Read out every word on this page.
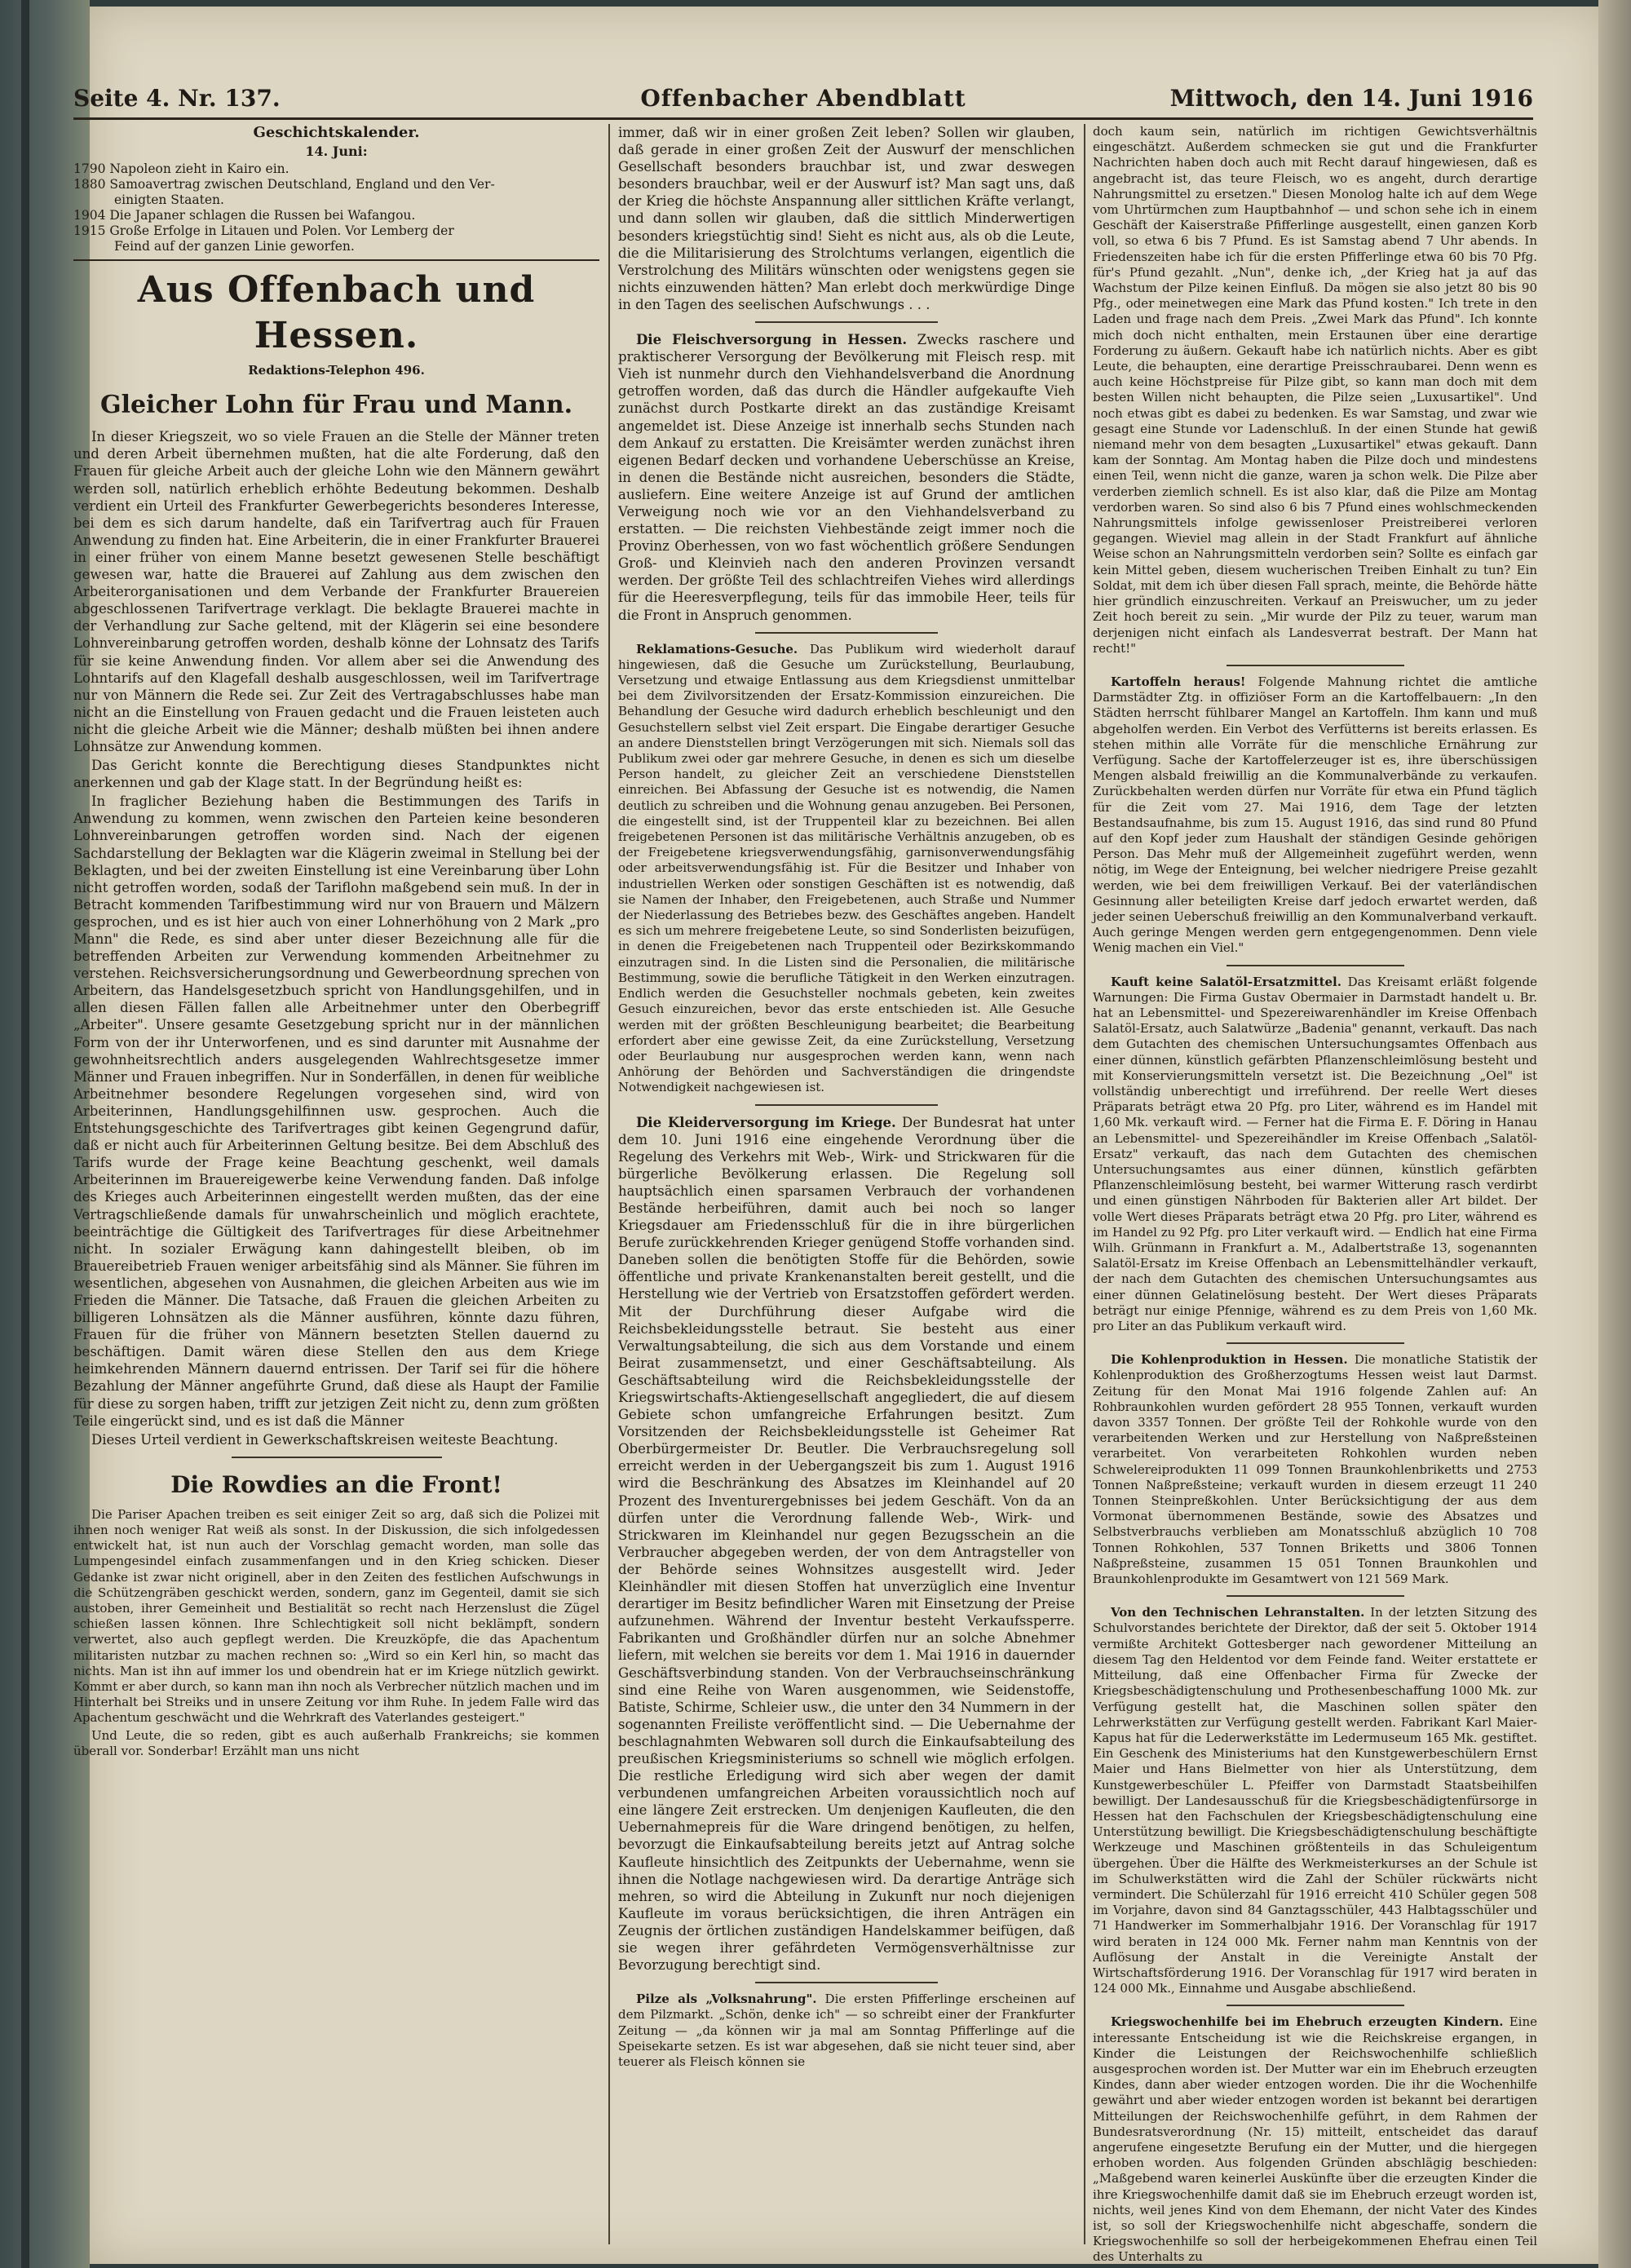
Seite 4. Nr. 137.	Offenbacher Abendblatt	Mittwoch, den 14. Juni 1916
Geschichtskalender.
14. Juni:

1790 Napoleon zieht in Kairo ein.

1880 Samoavertrag zwischen Deutschland, England und den Ver-

einigten Staaten.

1904 Die Japaner schlagen die Russen bei Wafangou.

1915 Große Erfolge in Litauen und Polen. Vor Lemberg der

Feind auf der ganzen Linie geworfen.

Aus Offenbach und Hessen.
Redaktions-Telephon 496.
Gleicher Lohn für Frau und Mann.

In dieser Kriegszeit, wo so viele Frauen an die Stelle der Männer treten und deren Arbeit übernehmen mußten, hat die alte Forderung, daß den Frauen für gleiche Arbeit auch der gleiche Lohn wie den Männern gewährt werden soll, natürlich erheblich erhöhte Bedeutung bekommen. Deshalb verdient ein Urteil des Frankfurter Gewerbegerichts besonderes Interesse, bei dem es sich darum handelte, daß ein Tarifvertrag auch für Frauen Anwendung zu finden hat. Eine Arbeiterin, die in einer Frankfurter Brauerei in einer früher von einem Manne besetzt gewesenen Stelle beschäftigt gewesen war, hatte die Brauerei auf Zahlung aus dem zwischen den Arbeiterorganisationen und dem Verbande der Frankfurter Brauereien abgeschlossenen Tarifvertrage verklagt. Die beklagte Brauerei machte in der Verhandlung zur Sache geltend, mit der Klägerin sei eine besondere Lohnvereinbarung getroffen worden, deshalb könne der Lohnsatz des Tarifs für sie keine Anwendung finden. Vor allem aber sei die Anwendung des Lohntarifs auf den Klagefall deshalb ausgeschlossen, weil im Tarifvertrage nur von Männern die Rede sei. Zur Zeit des Vertragabschlusses habe man nicht an die Einstellung von Frauen gedacht und die Frauen leisteten auch nicht die gleiche Arbeit wie die Männer; deshalb müßten bei ihnen andere Lohnsätze zur Anwendung kommen.

Das Gericht konnte die Berechtigung dieses Standpunktes nicht anerkennen und gab der Klage statt. In der Begründung heißt es:

In fraglicher Beziehung haben die Bestimmungen des Tarifs in Anwendung zu kommen, wenn zwischen den Parteien keine besonderen Lohnvereinbarungen getroffen worden sind. Nach der eigenen Sachdarstellung der Beklagten war die Klägerin zweimal in Stellung bei der Beklagten, und bei der zweiten Einstellung ist eine Vereinbarung über Lohn nicht getroffen worden, sodaß der Tariflohn maßgebend sein muß. In der in Betracht kommenden Tarifbestimmung wird nur von Brauern und Mälzern gesprochen, und es ist hier auch von einer Lohnerhöhung von 2 Mark „pro Mann" die Rede, es sind aber unter dieser Bezeichnung alle für die betreffenden Arbeiten zur Verwendung kommenden Arbeitnehmer zu verstehen. Reichsversicherungsordnung und Gewerbeordnung sprechen von Arbeitern, das Handelsgesetzbuch spricht von Handlungsgehilfen, und in allen diesen Fällen fallen alle Arbeitnehmer unter den Oberbegriff „Arbeiter". Unsere gesamte Gesetzgebung spricht nur in der männlichen Form von der ihr Unterworfenen, und es sind darunter mit Ausnahme der gewohnheitsrechtlich anders ausgelegenden Wahlrechtsgesetze immer Männer und Frauen inbegriffen. Nur in Sonderfällen, in denen für weibliche Arbeitnehmer besondere Regelungen vorgesehen sind, wird von Arbeiterinnen, Handlungsgehilfinnen usw. gesprochen. Auch die Entstehungsgeschichte des Tarifvertrages gibt keinen Gegengrund dafür, daß er nicht auch für Arbeiterinnen Geltung besitze. Bei dem Abschluß des Tarifs wurde der Frage keine Beachtung geschenkt, weil damals Arbeiterinnen im Brauereigewerbe keine Verwendung fanden. Daß infolge des Krieges auch Arbeiterinnen eingestellt werden mußten, das der eine Vertragschließende damals für unwahrscheinlich und möglich erachtete, beeinträchtige die Gültigkeit des Tarifvertrages für diese Arbeitnehmer nicht. In sozialer Erwägung kann dahingestellt bleiben, ob im Brauereibetrieb Frauen weniger arbeitsfähig sind als Männer. Sie führen im wesentlichen, abgesehen von Ausnahmen, die gleichen Arbeiten aus wie im Frieden die Männer. Die Tatsache, daß Frauen die gleichen Arbeiten zu billigeren Lohnsätzen als die Männer ausführen, könnte dazu führen, Frauen für die früher von Männern besetzten Stellen dauernd zu beschäftigen. Damit wären diese Stellen den aus dem Kriege heimkehrenden Männern dauernd entrissen. Der Tarif sei für die höhere Bezahlung der Männer angeführte Grund, daß diese als Haupt der Familie für diese zu sorgen haben, trifft zur jetzigen Zeit nicht zu, denn zum größten Teile eingerückt sind, und es ist daß die Männer

Dieses Urteil verdient in Gewerkschaftskreisen weiteste Beachtung.

Die Rowdies an die Front!

Die Pariser Apachen treiben es seit einiger Zeit so arg, daß sich die Polizei mit ihnen noch weniger Rat weiß als sonst. In der Diskussion, die sich infolgedessen entwickelt hat, ist nun auch der Vorschlag gemacht worden, man solle das Lumpengesindel einfach zusammenfangen und in den Krieg schicken. Dieser Gedanke ist zwar nicht originell, aber in den Zeiten des festlichen Aufschwungs in die Schützengräben geschickt werden, sondern, ganz im Gegenteil, damit sie sich austoben, ihrer Gemeinheit und Bestialität so recht nach Herzenslust die Zügel schießen lassen können. Ihre Schlechtigkeit soll nicht beklämpft, sondern verwertet, also auch gepflegt werden. Die Kreuzköpfe, die das Apachentum militaristen nutzbar zu machen rechnen so: „Wird so ein Kerl hin, so macht das nichts. Man ist ihn auf immer los und obendrein hat er im Kriege nützlich gewirkt. Kommt er aber durch, so kann man ihn noch als Verbrecher nützlich machen und im Hinterhalt bei Streiks und in unsere Zeitung vor ihm Ruhe. In jedem Falle wird das Apachentum geschwächt und die Wehrkraft des Vaterlandes gesteigert."

Und Leute, die so reden, gibt es auch außerhalb Frankreichs; sie kommen überall vor. Sonderbar! Erzählt man uns nicht

immer, daß wir in einer großen Zeit leben? Sollen wir glauben, daß gerade in einer großen Zeit der Auswurf der menschlichen Gesellschaft besonders brauchbar ist, und zwar deswegen besonders brauchbar, weil er der Auswurf ist? Man sagt uns, daß der Krieg die höchste Anspannung aller sittlichen Kräfte verlangt, und dann sollen wir glauben, daß die sittlich Minderwertigen besonders kriegstüchtig sind! Sieht es nicht aus, als ob die Leute, die die Militarisierung des Strolchtums verlangen, eigentlich die Verstrolchung des Militärs wünschten oder wenigstens gegen sie nichts einzuwenden hätten? Man erlebt doch merkwürdige Dinge in den Tagen des seelischen Aufschwungs . . .

Die Fleischversorgung in Hessen. Zwecks raschere und praktischerer Versorgung der Bevölkerung mit Fleisch resp. mit Vieh ist nunmehr durch den Viehhandelsverband die Anordnung getroffen worden, daß das durch die Händler aufgekaufte Vieh zunächst durch Postkarte direkt an das zuständige Kreisamt angemeldet ist. Diese Anzeige ist innerhalb sechs Stunden nach dem Ankauf zu erstatten. Die Kreisämter werden zunächst ihren eigenen Bedarf decken und vorhandene Ueberschüsse an Kreise, in denen die Bestände nicht ausreichen, besonders die Städte, ausliefern. Eine weitere Anzeige ist auf Grund der amtlichen Verweigung noch wie vor an den Viehhandelsverband zu erstatten. — Die reichsten Viehbestände zeigt immer noch die Provinz Oberhessen, von wo fast wöchentlich größere Sendungen Groß- und Kleinvieh nach den anderen Provinzen versandt werden. Der größte Teil des schlachtreifen Viehes wird allerdings für die Heeresverpflegung, teils für das immobile Heer, teils für die Front in Anspruch genommen.

Reklamations-Gesuche. Das Publikum wird wiederholt darauf hingewiesen, daß die Gesuche um Zurückstellung, Beurlaubung, Versetzung und etwaige Entlassung aus dem Kriegsdienst unmittelbar bei dem Zivilvorsitzenden der Ersatz-Kommission einzureichen. Die Behandlung der Gesuche wird dadurch erheblich beschleunigt und den Gesuchstellern selbst viel Zeit erspart. Die Eingabe derartiger Gesuche an andere Dienststellen bringt Verzögerungen mit sich. Niemals soll das Publikum zwei oder gar mehrere Gesuche, in denen es sich um dieselbe Person handelt, zu gleicher Zeit an verschiedene Dienststellen einreichen. Bei Abfassung der Gesuche ist es notwendig, die Namen deutlich zu schreiben und die Wohnung genau anzugeben. Bei Personen, die eingestellt sind, ist der Truppenteil klar zu bezeichnen. Bei allen freigebetenen Personen ist das militärische Verhältnis anzugeben, ob es der Freigebetene kriegsverwendungsfähig, garnisonverwendungsfähig oder arbeitsverwendungsfähig ist. Für die Besitzer und Inhaber von industriellen Werken oder sonstigen Geschäften ist es notwendig, daß sie Namen der Inhaber, den Freigebetenen, auch Straße und Nummer der Niederlassung des Betriebes bezw. des Geschäftes angeben. Handelt es sich um mehrere freigebetene Leute, so sind Sonderlisten beizufügen, in denen die Freigebetenen nach Truppenteil oder Bezirkskommando einzutragen sind. In die Listen sind die Personalien, die militärische Bestimmung, sowie die berufliche Tätigkeit in den Werken einzutragen. Endlich werden die Gesuchsteller nochmals gebeten, kein zweites Gesuch einzureichen, bevor das erste entschieden ist. Alle Gesuche werden mit der größten Beschleunigung bearbeitet; die Bearbeitung erfordert aber eine gewisse Zeit, da eine Zurückstellung, Versetzung oder Beurlaubung nur ausgesprochen werden kann, wenn nach Anhörung der Behörden und Sachverständigen die dringendste Notwendigkeit nachgewiesen ist.

Die Kleiderversorgung im Kriege. Der Bundesrat hat unter dem 10. Juni 1916 eine eingehende Verordnung über die Regelung des Verkehrs mit Web-, Wirk- und Strickwaren für die bürgerliche Bevölkerung erlassen. Die Regelung soll hauptsächlich einen sparsamen Verbrauch der vorhandenen Bestände herbeiführen, damit auch bei noch so langer Kriegsdauer am Friedensschluß für die in ihre bürgerlichen Berufe zurückkehrenden Krieger genügend Stoffe vorhanden sind. Daneben sollen die benötigten Stoffe für die Behörden, sowie öffentliche und private Krankenanstalten bereit gestellt, und die Herstellung wie der Vertrieb von Ersatzstoffen gefördert werden. Mit der Durchführung dieser Aufgabe wird die Reichsbekleidungsstelle betraut. Sie besteht aus einer Verwaltungsabteilung, die sich aus dem Vorstande und einem Beirat zusammensetzt, und einer Geschäftsabteilung. Als Geschäftsabteilung wird die Reichsbekleidungsstelle der Kriegswirtschafts-Aktiengesellschaft angegliedert, die auf diesem Gebiete schon umfangreiche Erfahrungen besitzt. Zum Vorsitzenden der Reichsbekleidungsstelle ist Geheimer Rat Oberbürgermeister Dr. Beutler. Die Verbrauchsregelung soll erreicht werden in der Uebergangszeit bis zum 1. August 1916 wird die Beschränkung des Absatzes im Kleinhandel auf 20 Prozent des Inventurergebnisses bei jedem Geschäft. Von da an dürfen unter die Verordnung fallende Web-, Wirk- und Strickwaren im Kleinhandel nur gegen Bezugsschein an die Verbraucher abgegeben werden, der von dem Antragsteller von der Behörde seines Wohnsitzes ausgestellt wird. Jeder Kleinhändler mit diesen Stoffen hat unverzüglich eine Inventur derartiger im Besitz befindlicher Waren mit Einsetzung der Preise aufzunehmen. Während der Inventur besteht Verkaufssperre. Fabrikanten und Großhändler dürfen nur an solche Abnehmer liefern, mit welchen sie bereits vor dem 1. Mai 1916 in dauernder Geschäftsverbindung standen. Von der Verbrauchseinschränkung sind eine Reihe von Waren ausgenommen, wie Seidenstoffe, Batiste, Schirme, Schleier usw., die unter den 34 Nummern in der sogenannten Freiliste veröffentlicht sind. — Die Uebernahme der beschlagnahmten Webwaren soll durch die Einkaufsabteilung des preußischen Kriegsministeriums so schnell wie möglich erfolgen. Die restliche Erledigung wird sich aber wegen der damit verbundenen umfangreichen Arbeiten voraussichtlich noch auf eine längere Zeit erstrecken. Um denjenigen Kaufleuten, die den Uebernahmepreis für die Ware dringend benötigen, zu helfen, bevorzugt die Einkaufsabteilung bereits jetzt auf Antrag solche Kaufleute hinsichtlich des Zeitpunkts der Uebernahme, wenn sie ihnen die Notlage nachgewiesen wird. Da derartige Anträge sich mehren, so wird die Abteilung in Zukunft nur noch diejenigen Kaufleute im voraus berücksichtigen, die ihren Anträgen ein Zeugnis der örtlichen zuständigen Handelskammer beifügen, daß sie wegen ihrer gefährdeten Vermögensverhältnisse zur Bevorzugung berechtigt sind.

Pilze als „Volksnahrung". Die ersten Pfifferlinge erscheinen auf dem Pilzmarkt. „Schön, denke ich" — so schreibt einer der Frankfurter Zeitung — „da können wir ja mal am Sonntag Pfifferlinge auf die Speisekarte setzen. Es ist war abgesehen, daß sie nicht teuer sind, aber teuerer als Fleisch können sie

doch kaum sein, natürlich im richtigen Gewichtsverhältnis eingeschätzt. Außerdem schmecken sie gut und die Frankfurter Nachrichten haben doch auch mit Recht darauf hingewiesen, daß es angebracht ist, das teure Fleisch, wo es angeht, durch derartige Nahrungsmittel zu ersetzen." Diesen Monolog halte ich auf dem Wege vom Uhrtürmchen zum Hauptbahnhof — und schon sehe ich in einem Geschäft der Kaiserstraße Pfifferlinge ausgestellt, einen ganzen Korb voll, so etwa 6 bis 7 Pfund. Es ist Samstag abend 7 Uhr abends. In Friedenszeiten habe ich für die ersten Pfifferlinge etwa 60 bis 70 Pfg. für's Pfund gezahlt. „Nun", denke ich, „der Krieg hat ja auf das Wachstum der Pilze keinen Einfluß. Da mögen sie also jetzt 80 bis 90 Pfg., oder meinetwegen eine Mark das Pfund kosten." Ich trete in den Laden und frage nach dem Preis. „Zwei Mark das Pfund". Ich konnte mich doch nicht enthalten, mein Erstaunen über eine derartige Forderung zu äußern. Gekauft habe ich natürlich nichts. Aber es gibt Leute, die behaupten, eine derartige Preisschraubarei. Denn wenn es auch keine Höchstpreise für Pilze gibt, so kann man doch mit dem besten Willen nicht behaupten, die Pilze seien „Luxusartikel". Und noch etwas gibt es dabei zu bedenken. Es war Samstag, und zwar wie gesagt eine Stunde vor Ladenschluß. In der einen Stunde hat gewiß niemand mehr von dem besagten „Luxusartikel" etwas gekauft. Dann kam der Sonntag. Am Montag haben die Pilze doch und mindestens einen Teil, wenn nicht die ganze, waren ja schon welk. Die Pilze aber verderben ziemlich schnell. Es ist also klar, daß die Pilze am Montag verdorben waren. So sind also 6 bis 7 Pfund eines wohlschmeckenden Nahrungsmittels infolge gewissenloser Preistreiberei verloren gegangen. Wieviel mag allein in der Stadt Frankfurt auf ähnliche Weise schon an Nahrungsmitteln verdorben sein? Sollte es einfach gar kein Mittel geben, diesem wucherischen Treiben Einhalt zu tun? Ein Soldat, mit dem ich über diesen Fall sprach, meinte, die Behörde hätte hier gründlich einzuschreiten. Verkauf an Preiswucher, um zu jeder Zeit hoch bereit zu sein. „Mir wurde der Pilz zu teuer, warum man derjenigen nicht einfach als Landesverrat bestraft. Der Mann hat recht!"

Kartoffeln heraus! Folgende Mahnung richtet die amtliche Darmstädter Ztg. in offiziöser Form an die Kartoffelbauern: „In den Städten herrscht fühlbarer Mangel an Kartoffeln. Ihm kann und muß abgeholfen werden. Ein Verbot des Verfütterns ist bereits erlassen. Es stehen mithin alle Vorräte für die menschliche Ernährung zur Verfügung. Sache der Kartoffelerzeuger ist es, ihre überschüssigen Mengen alsbald freiwillig an die Kommunalverbände zu verkaufen. Zurückbehalten werden dürfen nur Vorräte für etwa ein Pfund täglich für die Zeit vom 27. Mai 1916, dem Tage der letzten Bestandsaufnahme, bis zum 15. August 1916, das sind rund 80 Pfund auf den Kopf jeder zum Haushalt der ständigen Gesinde gehörigen Person. Das Mehr muß der Allgemeinheit zugeführt werden, wenn nötig, im Wege der Enteignung, bei welcher niedrigere Preise gezahlt werden, wie bei dem freiwilligen Verkauf. Bei der vaterländischen Gesinnung aller beteiligten Kreise darf jedoch erwartet werden, daß jeder seinen Ueberschuß freiwillig an den Kommunalverband verkauft. Auch geringe Mengen werden gern entgegengenommen. Denn viele Wenig machen ein Viel."

Kauft keine Salatöl-Ersatzmittel. Das Kreisamt erläßt folgende Warnungen: Die Firma Gustav Obermaier in Darmstadt handelt u. Br. hat an Lebensmittel- und Spezereiwarenhändler im Kreise Offenbach Salatöl-Ersatz, auch Salatwürze „Badenia" genannt, verkauft. Das nach dem Gutachten des chemischen Untersuchungsamtes Offenbach aus einer dünnen, künstlich gefärbten Pflanzenschleimlösung besteht und mit Konservierungsmitteln versetzt ist. Die Bezeichnung „Oel" ist vollständig unberechtigt und irreführend. Der reelle Wert dieses Präparats beträgt etwa 20 Pfg. pro Liter, während es im Handel mit 1,60 Mk. verkauft wird. — Ferner hat die Firma E. F. Döring in Hanau an Lebensmittel- und Spezereihändler im Kreise Offenbach „Salatöl-Ersatz" verkauft, das nach dem Gutachten des chemischen Untersuchungsamtes aus einer dünnen, künstlich gefärbten Pflanzenschleimlösung besteht, bei warmer Witterung rasch verdirbt und einen günstigen Nährboden für Bakterien aller Art bildet. Der volle Wert dieses Präparats beträgt etwa 20 Pfg. pro Liter, während es im Handel zu 92 Pfg. pro Liter verkauft wird. — Endlich hat eine Firma Wilh. Grünmann in Frankfurt a. M., Adalbertstraße 13, sogenannten Salatöl-Ersatz im Kreise Offenbach an Lebensmittelhändler verkauft, der nach dem Gutachten des chemischen Untersuchungsamtes aus einer dünnen Gelatinelösung besteht. Der Wert dieses Präparats beträgt nur einige Pfennige, während es zu dem Preis von 1,60 Mk. pro Liter an das Publikum verkauft wird.

Die Kohlenproduktion in Hessen. Die monatliche Statistik der Kohlenproduktion des Großherzogtums Hessen weist laut Darmst. Zeitung für den Monat Mai 1916 folgende Zahlen auf: An Rohbraunkohlen wurden gefördert 28 955 Tonnen, verkauft wurden davon 3357 Tonnen. Der größte Teil der Rohkohle wurde von den verarbeitenden Werken und zur Herstellung von Naßpreßsteinen verarbeitet. Von verarbeiteten Rohkohlen wurden neben Schwelereiprodukten 11 099 Tonnen Braunkohlenbriketts und 2753 Tonnen Naßpreßsteine; verkauft wurden in diesem erzeugt 11 240 Tonnen Steinpreßkohlen. Unter Berücksichtigung der aus dem Vormonat übernommenen Bestände, sowie des Absatzes und Selbstverbrauchs verblieben am Monatsschluß abzüglich 10 708 Tonnen Rohkohlen, 537 Tonnen Briketts und 3806 Tonnen Naßpreßsteine, zusammen 15 051 Tonnen Braunkohlen und Braunkohlenprodukte im Gesamtwert von 121 569 Mark.

Von den Technischen Lehranstalten. In der letzten Sitzung des Schulvorstandes berichtete der Direktor, daß der seit 5. Oktober 1914 vermißte Architekt Gottesberger nach gewordener Mitteilung an diesem Tag den Heldentod vor dem Feinde fand. Weiter erstattete er Mitteilung, daß eine Offenbacher Firma für Zwecke der Kriegsbeschädigtenschulung und Prothesenbeschaffung 1000 Mk. zur Verfügung gestellt hat, die Maschinen sollen später den Lehrwerkstätten zur Verfügung gestellt werden. Fabrikant Karl Maier-Kapus hat für die Lederwerkstätte im Ledermuseum 165 Mk. gestiftet. Ein Geschenk des Ministeriums hat den Kunstgewerbeschülern Ernst Maier und Hans Bielmetter von hier als Unterstützung, dem Kunstgewerbeschüler L. Pfeiffer von Darmstadt Staatsbeihilfen bewilligt. Der Landesausschuß für die Kriegsbeschädigtenfürsorge in Hessen hat den Fachschulen der Kriegsbeschädigtenschulung eine Unterstützung bewilligt. Die Kriegsbeschädigtenschulung beschäftigte Werkzeuge und Maschinen größtenteils in das Schuleigentum übergehen. Über die Hälfte des Werkmeisterkurses an der Schule ist im Schulwerkstätten wird die Zahl der Schüler rückwärts nicht vermindert. Die Schülerzahl für 1916 erreicht 410 Schüler gegen 508 im Vorjahre, davon sind 84 Ganztagsschüler, 443 Halbtagsschüler und 71 Handwerker im Sommerhalbjahr 1916. Der Voranschlag für 1917 wird beraten in 124 000 Mk. Ferner nahm man Kenntnis von der Auflösung der Anstalt in die Vereinigte Anstalt der Wirtschaftsförderung 1916. Der Voranschlag für 1917 wird beraten in 124 000 Mk., Einnahme und Ausgabe abschließend.

Kriegswochenhilfe bei im Ehebruch erzeugten Kindern. Eine interessante Entscheidung ist wie die Reichskreise ergangen, in Kinder die Leistungen der Reichswochenhilfe schließlich ausgesprochen worden ist. Der Mutter war ein im Ehebruch erzeugten Kindes, dann aber wieder entzogen worden. Die ihr die Wochenhilfe gewährt und aber wieder entzogen worden ist bekannt bei derartigen Mitteilungen der Reichswochenhilfe geführt, in dem Rahmen der Bundesratsverordnung (Nr. 15) mitteilt, entscheidet das darauf angerufene eingesetzte Berufung ein der Mutter, und die hiergegen erhoben worden. Aus folgenden Gründen abschlägig beschieden: „Maßgebend waren keinerlei Auskünfte über die erzeugten Kinder die ihre Kriegswochenhilfe damit daß sie im Ehebruch erzeugt worden ist, nichts, weil jenes Kind von dem Ehemann, der nicht Vater des Kindes ist, so soll der Kriegswochenhilfe nicht abgeschaffe, sondern die Kriegswochenhilfe so soll der herbeigekommenen Ehefrau einen Teil des Unterhalts zu
